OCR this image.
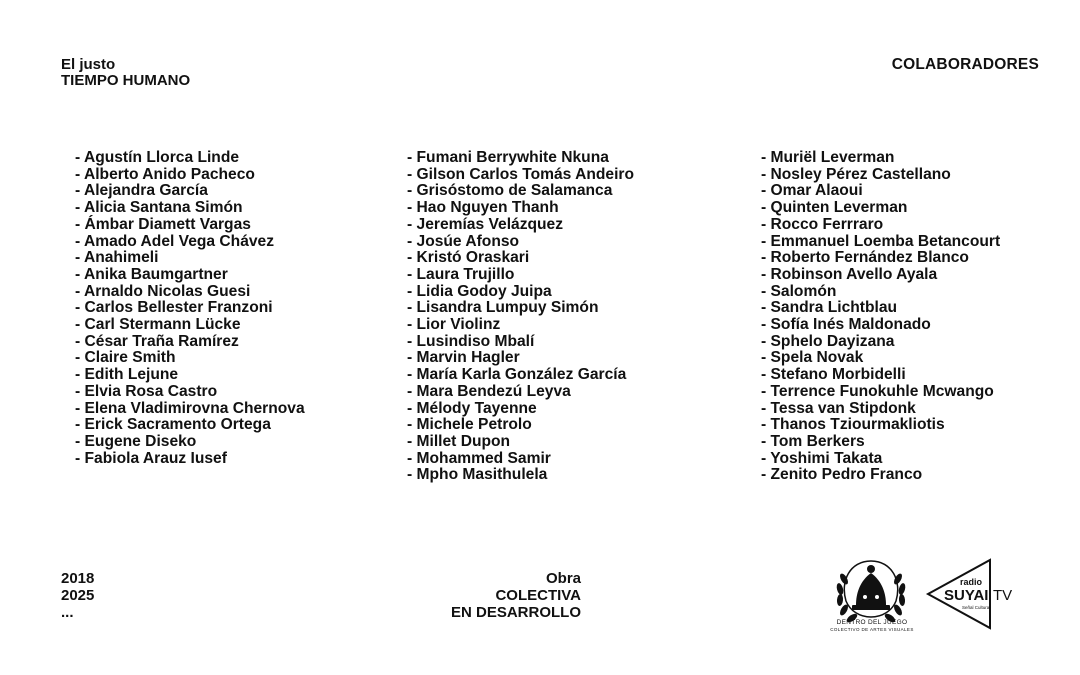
El justo
TIEMPO HUMANO
COLABORADORES
- Agustín Llorca Linde
- Alberto Anido Pacheco
- Alejandra García
- Alicia Santana Simón
- Ámbar Diamett Vargas
- Amado Adel Vega Chávez
- Anahimeli
- Anika Baumgartner
- Arnaldo Nicolas Guesi
- Carlos Bellester Franzoni
- Carl Stermann Lücke
- César Traña Ramírez
- Claire Smith
- Edith Lejune
- Elvia Rosa Castro
- Elena Vladimirovna Chernova
- Erick Sacramento Ortega
- Eugene Diseko
- Fabiola Arauz Iusef
- Fumani Berrywhite Nkuna
- Gilson Carlos Tomás Andeiro
- Grisóstomo de Salamanca
- Hao Nguyen Thanh
- Jeremías Velázquez
- Josúe Afonso
- Kristó Oraskari
- Laura Trujillo
- Lidia Godoy Juipa
- Lisandra Lumpuy Simón
- Lior Violinz
- Lusindiso Mbalí
- Marvin Hagler
- María Karla González García
- Mara Bendezú Leyva
- Mélody Tayenne
- Michele Petrolo
- Millet Dupon
- Mohammed Samir
- Mpho Masithulela
- Muriël Leverman
- Nosley Pérez Castellano
- Omar Alaoui
- Quinten Leverman
- Rocco Ferrraro
- Emmanuel Loemba Betancourt
- Roberto Fernández Blanco
- Robinson Avello Ayala
- Salomón
- Sandra Lichtblau
- Sofía Inés Maldonado
- Sphelo Dayizana
- Spela Novak
- Stefano Morbidelli
- Terrence Funokuhle Mcwango
- Tessa van Stipdonk
- Thanos Tziourmakliotis
- Tom Berkers
- Yoshimi Takata
- Zenito Pedro Franco
2018
2025
...
Obra
COLECTIVA
EN DESARROLLO
DENTRO DEL JUEGO
COLECTIVO DE ARTES VISUALES
radio
SUYAI TV
Señal Cultural
